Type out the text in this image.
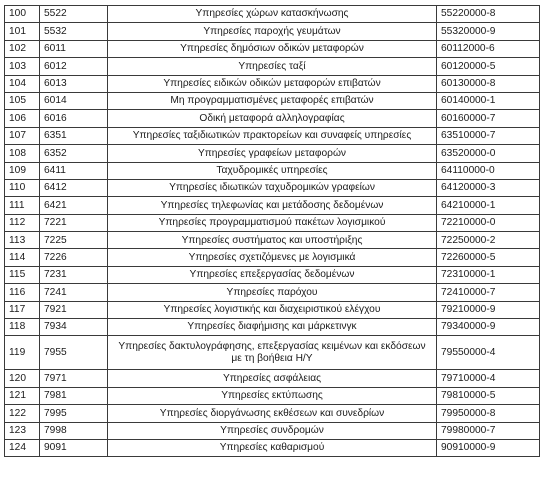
100	5522	Υπηρεσίες χώρων κατασκήνωσης	55220000-8
101	5532	Υπηρεσίες παροχής γευμάτων	55320000-9
102	6011	Υπηρεσίες δημόσιων οδικών μεταφορών	60112000-6
103	6012	Υπηρεσίες ταξί	60120000-5
104	6013	Υπηρεσίες ειδικών οδικών μεταφορών επιβατών	60130000-8
105	6014	Μη προγραμματισμένες μεταφορές επιβατών	60140000-1
106	6016	Οδική μεταφορά αλληλογραφίας	60160000-7
107	6351	Υπηρεσίες ταξιδιωτικών πρακτορείων και συναφείς υπηρεσίες	63510000-7
108	6352	Υπηρεσίες γραφείων μεταφορών	63520000-0
109	6411	Ταχυδρομικές υπηρεσίες	64110000-0
110	6412	Υπηρεσίες ιδιωτικών ταχυδρομικών γραφείων	64120000-3
111	6421	Υπηρεσίες τηλεφωνίας και μετάδοσης δεδομένων	64210000-1
112	7221	Υπηρεσίες προγραμματισμού πακέτων λογισμικού	72210000-0
113	7225	Υπηρεσίες συστήματος και υποστήριξης	72250000-2
114	7226	Υπηρεσίες σχετιζόμενες με λογισμικά	72260000-5
115	7231	Υπηρεσίες επεξεργασίας δεδομένων	72310000-1
116	7241	Υπηρεσίες παρόχου	72410000-7
117	7921	Υπηρεσίες λογιστικής και διαχειριστικού ελέγχου	79210000-9
118	7934	Υπηρεσίες διαφήμισης και μάρκετινγκ	79340000-9
119	7955	Υπηρεσίες δακτυλογράφησης, επεξεργασίας κειμένων και εκδόσεων με τη βοήθεια Η/Υ	79550000-4
120	7971	Υπηρεσίες ασφάλειας	79710000-4
121	7981	Υπηρεσίες εκτύπωσης	79810000-5
122	7995	Υπηρεσίες διοργάνωσης εκθέσεων και συνεδρίων	79950000-8
123	7998	Υπηρεσίες συνδρομών	79980000-7
124	9091	Υπηρεσίες καθαρισμού	90910000-9
